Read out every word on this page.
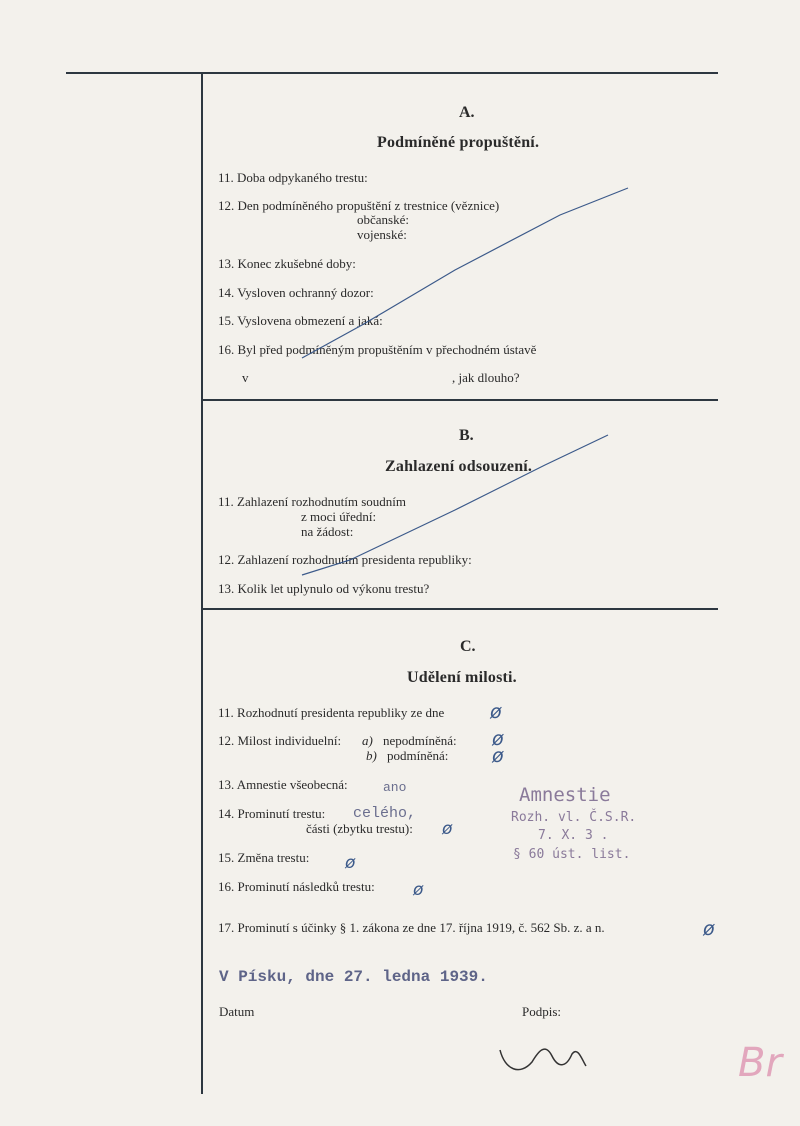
A.
Podmíněné propuštění.
11. Doba odpykaného trestu:
12. Den podmíněného propuštění z trestnice (věznice)
občanské:
vojenské:
13. Konec zkušebné doby:
14. Vysloven ochranný dozor:
15. Vyslovena obmezení a jaká:
16. Byl před podmíněným propuštěním v přechodném ústavě
v	, jak dlouho?
B.
Zahlazení odsouzení.
11. Zahlazení rozhodnutím soudním
z moci úřední:
na žádost:
12. Zahlazení rozhodnutím presidenta republiky:
13. Kolik let uplynulo od výkonu trestu?
C.
Udělení milosti.
11. Rozhodnutí presidenta republiky ze dne ø
12. Milost individuelní: a) nepodmíněná: ø
b) podmíněná: ø
13. Amnestie všeobecná:	ano
14. Prominutí trestu: celého,
části (zbytku trestu): ø
15. Změna trestu: ø
16. Prominutí následků trestu: ø
17. Prominutí s účinky § 1. zákona ze dne 17. října 1919, č. 562 Sb. z. a n.	ø
Amnestie
Rozh. vl. Č.S.R.
7. X. 3 .
§ 60 úst. list.
V Písku, dne 27. ledna 1939.
Datum	Podpis:
Br
